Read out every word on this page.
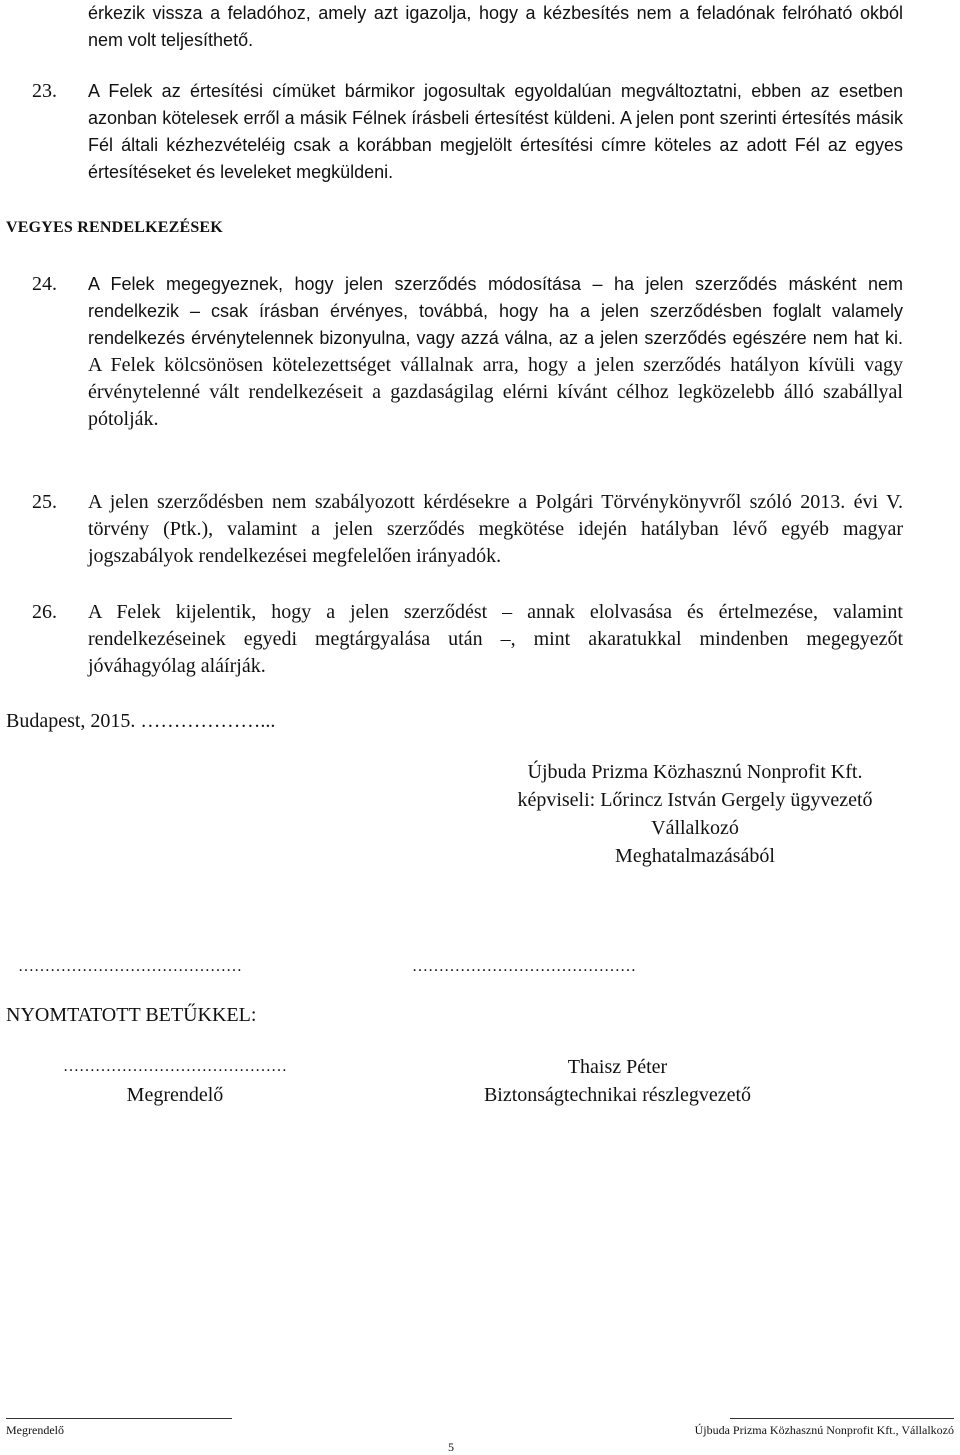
érkezik vissza a feladóhoz, amely azt igazolja, hogy a kézbesítés nem a feladónak felróható okból nem volt teljesíthető.
23.	A Felek az értesítési címüket bármikor jogosultak egyoldalúan megváltoztatni, ebben az esetben azonban kötelesek erről a másik Félnek írásbeli értesítést küldeni. A jelen pont szerinti értesítés másik Fél általi kézhezvételéig csak a korábban megjelölt értesítési címre köteles az adott Fél az egyes értesítéseket és leveleket megküldeni.
VEGYES RENDELKEZÉSEK
24.	A Felek megegyeznek, hogy jelen szerződés módosítása – ha jelen szerződés másként nem rendelkezik – csak írásban érvényes, továbbá, hogy ha a jelen szerződésben foglalt valamely rendelkezés érvénytelennek bizonyulna, vagy azzá válna, az a jelen szerződés egészére nem hat ki. A Felek kölcsönösen kötelezettséget vállalnak arra, hogy a jelen szerződés hatályon kívüli vagy érvénytelenné vált rendelkezéseit a gazdaságilag elérni kívánt célhoz legközelebb álló szabállyal pótolják.
25.	A jelen szerződésben nem szabályozott kérdésekre a Polgári Törvénykönyvről szóló 2013. évi V. törvény (Ptk.), valamint a jelen szerződés megkötése idején hatályban lévő egyéb magyar jogszabályok rendelkezései megfelelően irányadók.
26.	A Felek kijelentik, hogy a jelen szerződést – annak elolvasása és értelmezése, valamint rendelkezéseinek egyedi megtárgyalása után –, mint akaratukkal mindenben megegyezőt jóváhagyólag aláírják.
Budapest, 2015. ………………...
Újbuda Prizma Közhasznú Nonprofit Kft.
képviseli: Lőrincz István Gergely ügyvezető
Vállalkozó
Meghatalmazásából
……………………………………	……………………………………
NYOMTATOTT BETŰKKEL:
……………………………………
Megrendelő
Thaisz Péter
Biztonságtechnikai részlegvezető
Megrendelő	Újbuda Prizma Közhasznú Nonprofit Kft., Vállalkozó
5
